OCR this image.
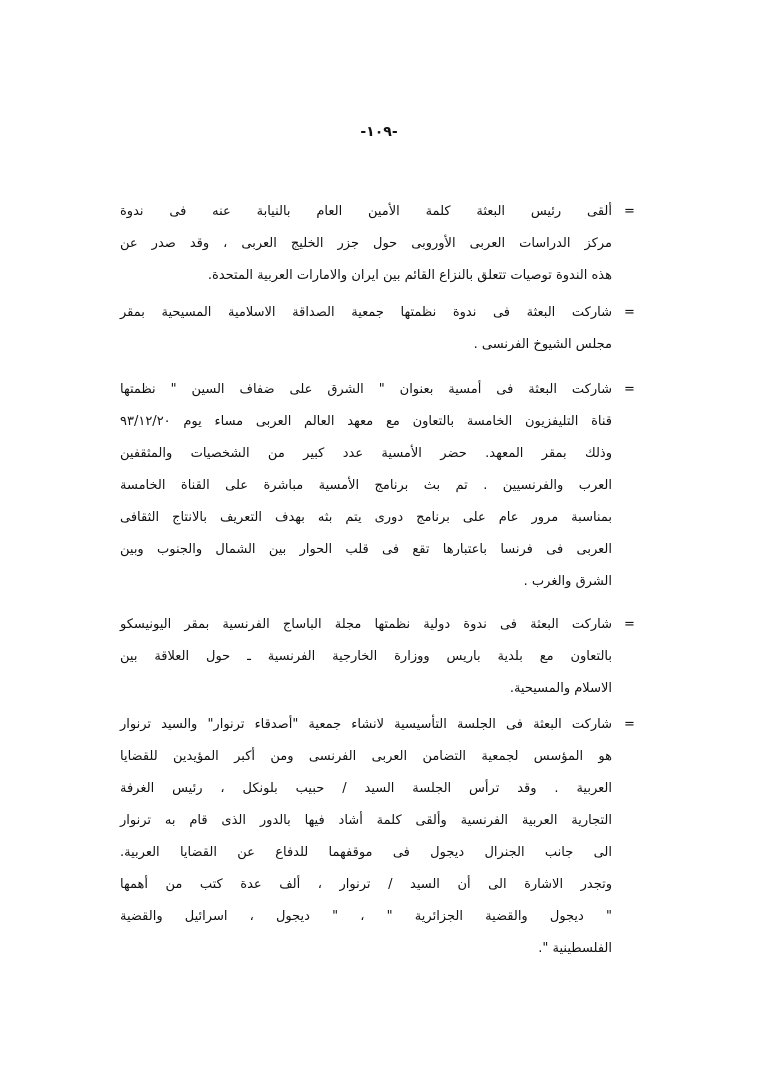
-١٠٩-
=
ألقى رئيس البعثة كلمة الأمين العام بالنيابة عنه فى ندوة
مركز الدراسات العربى الأوروبى حول جزر الخليج العربى ، وقد صدر عن
هذه الندوة توصيات تتعلق بالنزاع القائم بين ايران والامارات العربية المتحدة.
=
شاركت البعثة فى ندوة نظمتها جمعية الصداقة الاسلامية المسيحية بمقر
مجلس الشيوخ الفرنسى .
=
شاركت البعثة فى أمسية بعنوان " الشرق على ضفاف السين " نظمتها
قناة التليفزيون الخامسة بالتعاون مع معهد العالم العربى مساء يوم ٩٣/١٢/٢٠
وذلك بمقر المعهد. حضر الأمسية عدد كبير من الشخصيات والمثقفين
العرب والفرنسيين . تم بث برنامج الأمسية مباشرة على القناة الخامسة
بمناسبة مرور عام على برنامج دورى يتم بثه بهدف التعريف بالانتاج الثقافى
العربى فى فرنسا باعتبارها تقع فى قلب الحوار بين الشمال والجنوب وبين
الشرق والغرب .
=
شاركت البعثة فى ندوة دولية نظمتها مجلة الباساج الفرنسية بمقر اليونيسكو
بالتعاون مع بلدية باريس ووزارة الخارجية الفرنسية ـ حول العلاقة بين
الاسلام والمسيحية.
=
شاركت البعثة فى الجلسة التأسيسية لانشاء جمعية "أصدقاء ترنوار" والسيد ترنوار
هو المؤسس لجمعية التضامن العربى الفرنسى ومن أكبر المؤيدين للقضايا
العربية . وقد ترأس الجلسة السيد / حبيب بلونكل ، رئيس الغرفة
التجارية العربية الفرنسية وألقى كلمة أشاد فيها بالدور الذى قام به ترنوار
الى جانب الجنرال ديجول فى موقفهما للدفاع عن القضايا العربية.
وتجدر الاشارة الى أن السيد / ترنوار ، ألف عدة كتب من أهمها
" ديجول والقضية الجزائرية " ، " ديجول ، اسرائيل والقضية
الفلسطينية ".
